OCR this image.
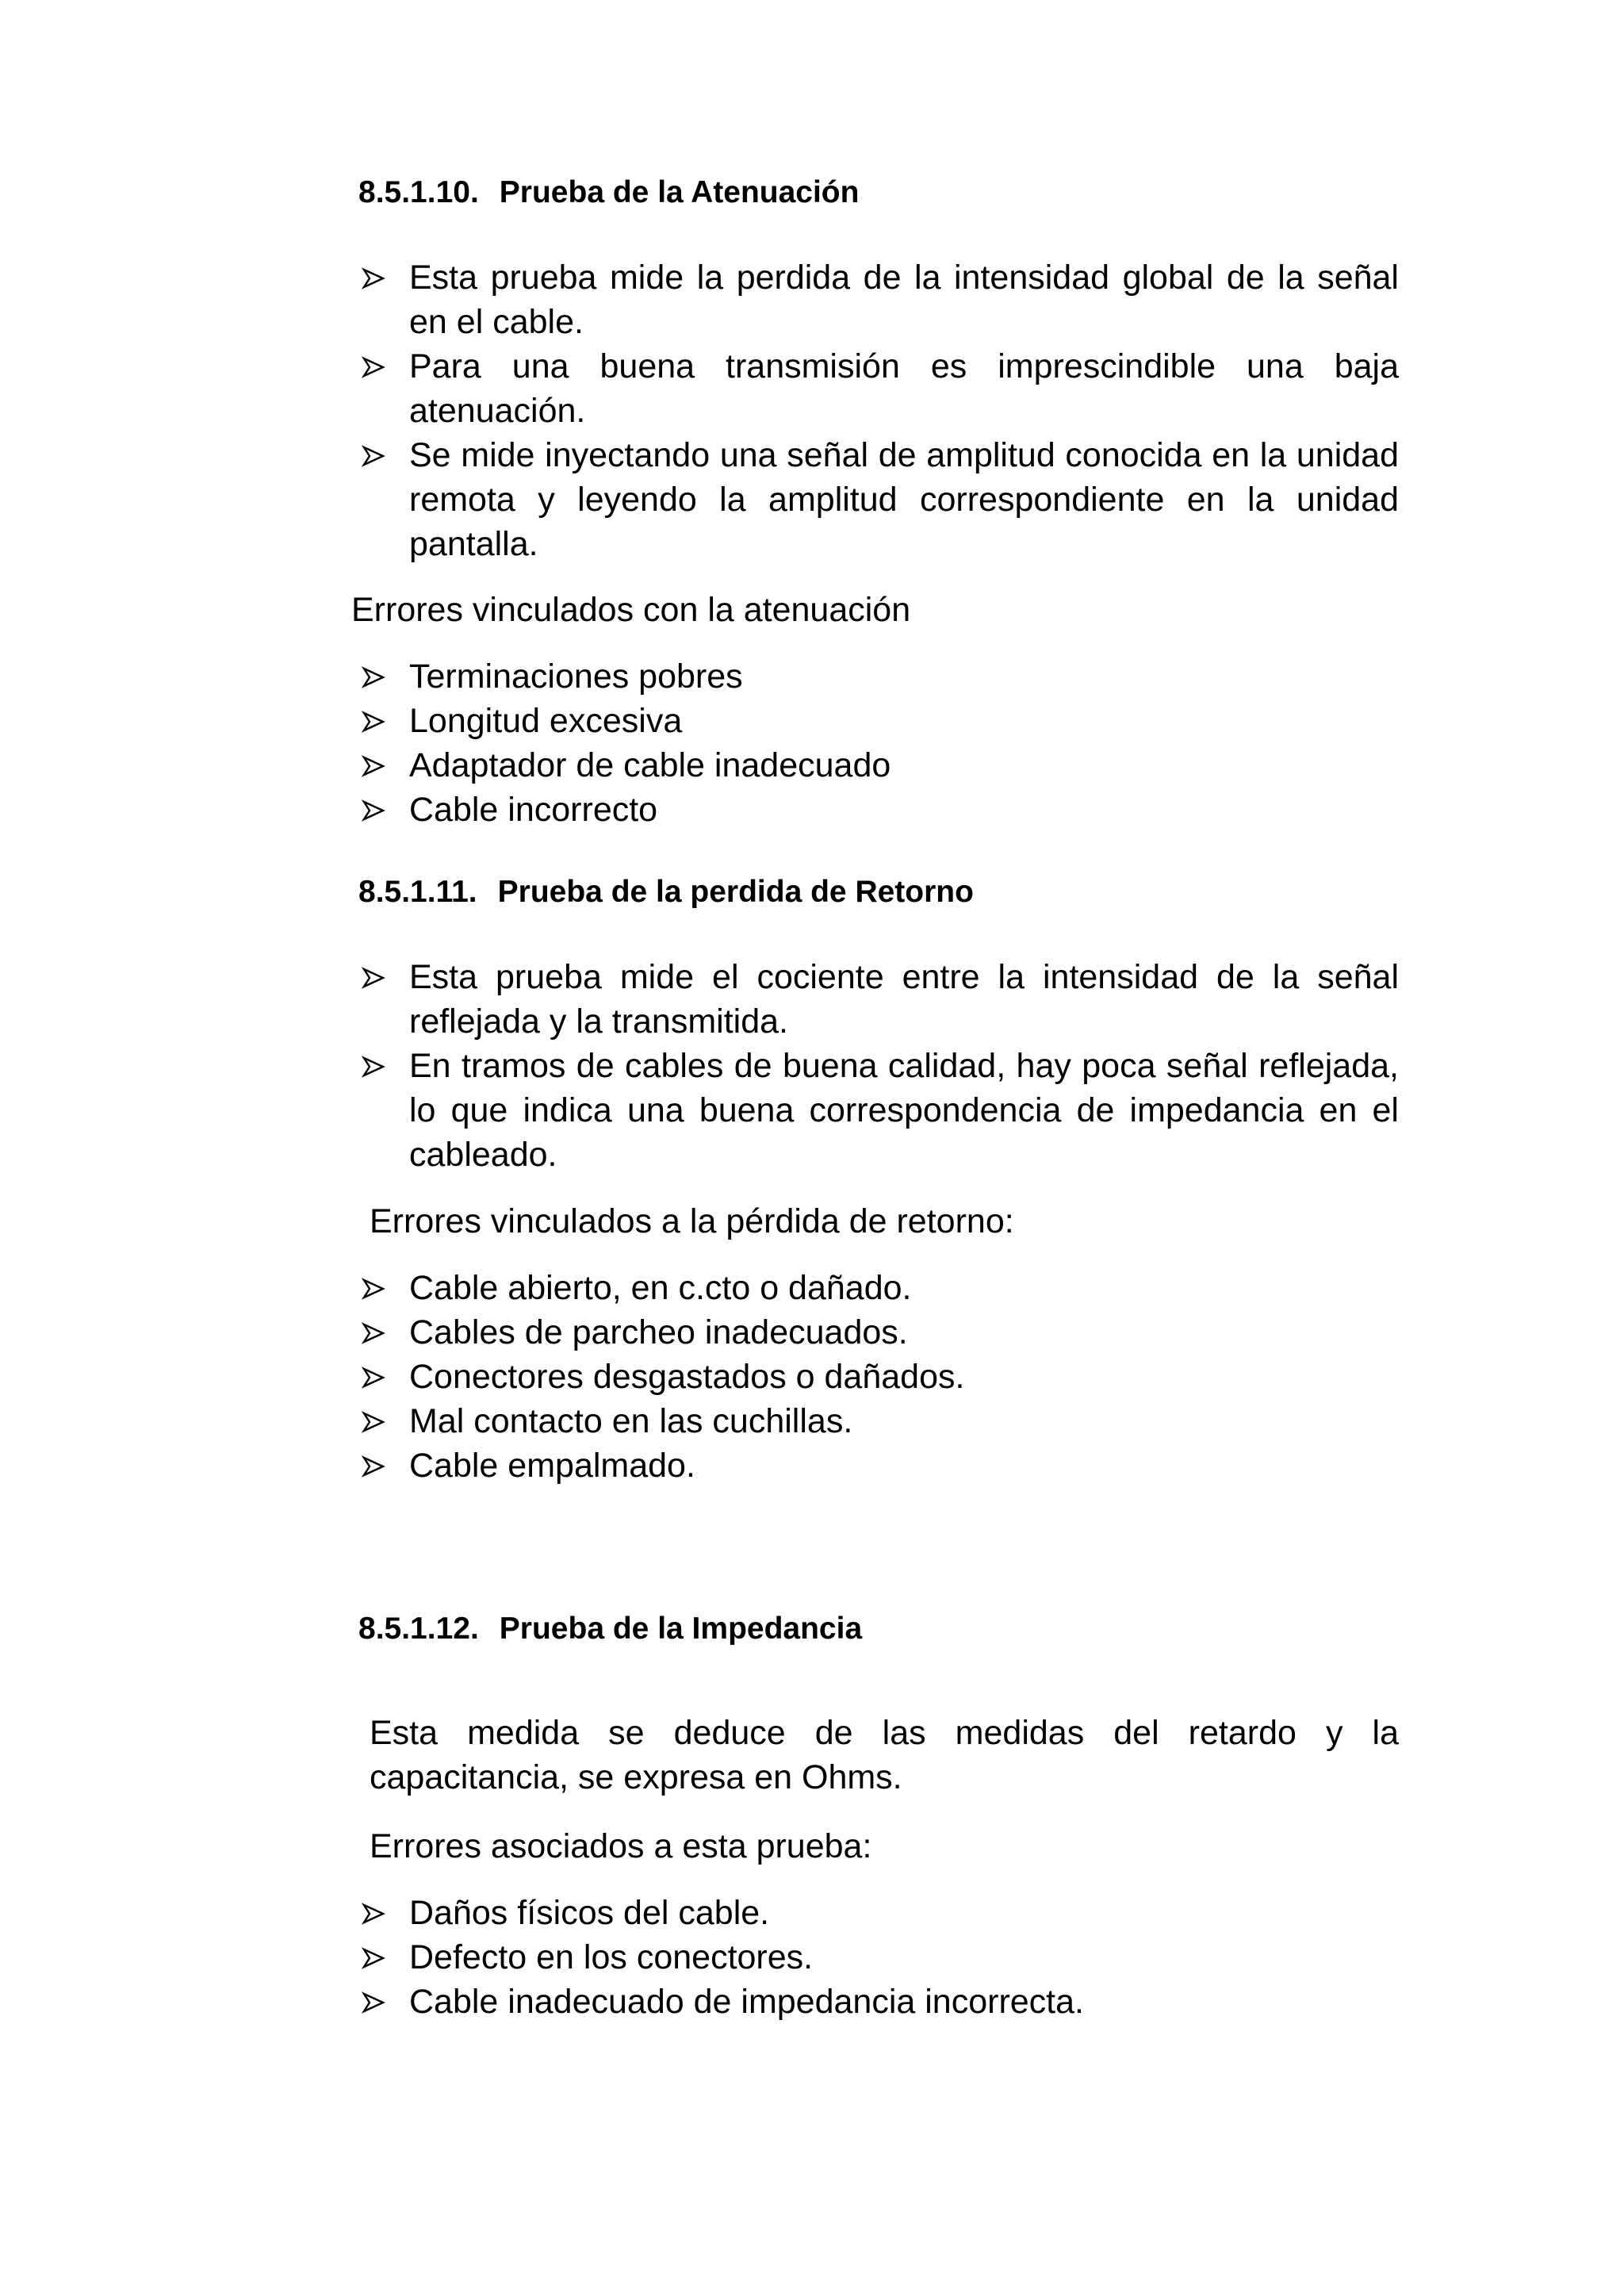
8.5.1.10. Prueba de la Atenuación
Esta prueba mide la perdida de la intensidad global de la señal en el cable.
Para una buena transmisión es imprescindible una baja atenuación.
Se mide inyectando una señal de amplitud conocida en la unidad remota y leyendo la amplitud correspondiente en la unidad pantalla.

Errores vinculados con la atenuación

Terminaciones pobres
Longitud excesiva
Adaptador de cable inadecuado
Cable incorrecto
8.5.1.11. Prueba de la perdida de Retorno
Esta prueba mide el cociente entre la intensidad de la señal reflejada y la transmitida.
En tramos de cables de buena calidad, hay poca señal reflejada, lo que indica una buena correspondencia de impedancia en el cableado.

Errores vinculados a la pérdida de retorno:

Cable abierto, en c.cto o dañado.
Cables de parcheo inadecuados.
Conectores desgastados o dañados.
Mal contacto en las cuchillas.
Cable empalmado.
8.5.1.12. Prueba de la Impedancia

Esta medida se deduce de las medidas del retardo y la capacitancia, se expresa en Ohms.

Errores asociados a esta prueba:

Daños físicos del cable.
Defecto en los conectores.
Cable inadecuado de impedancia incorrecta.
